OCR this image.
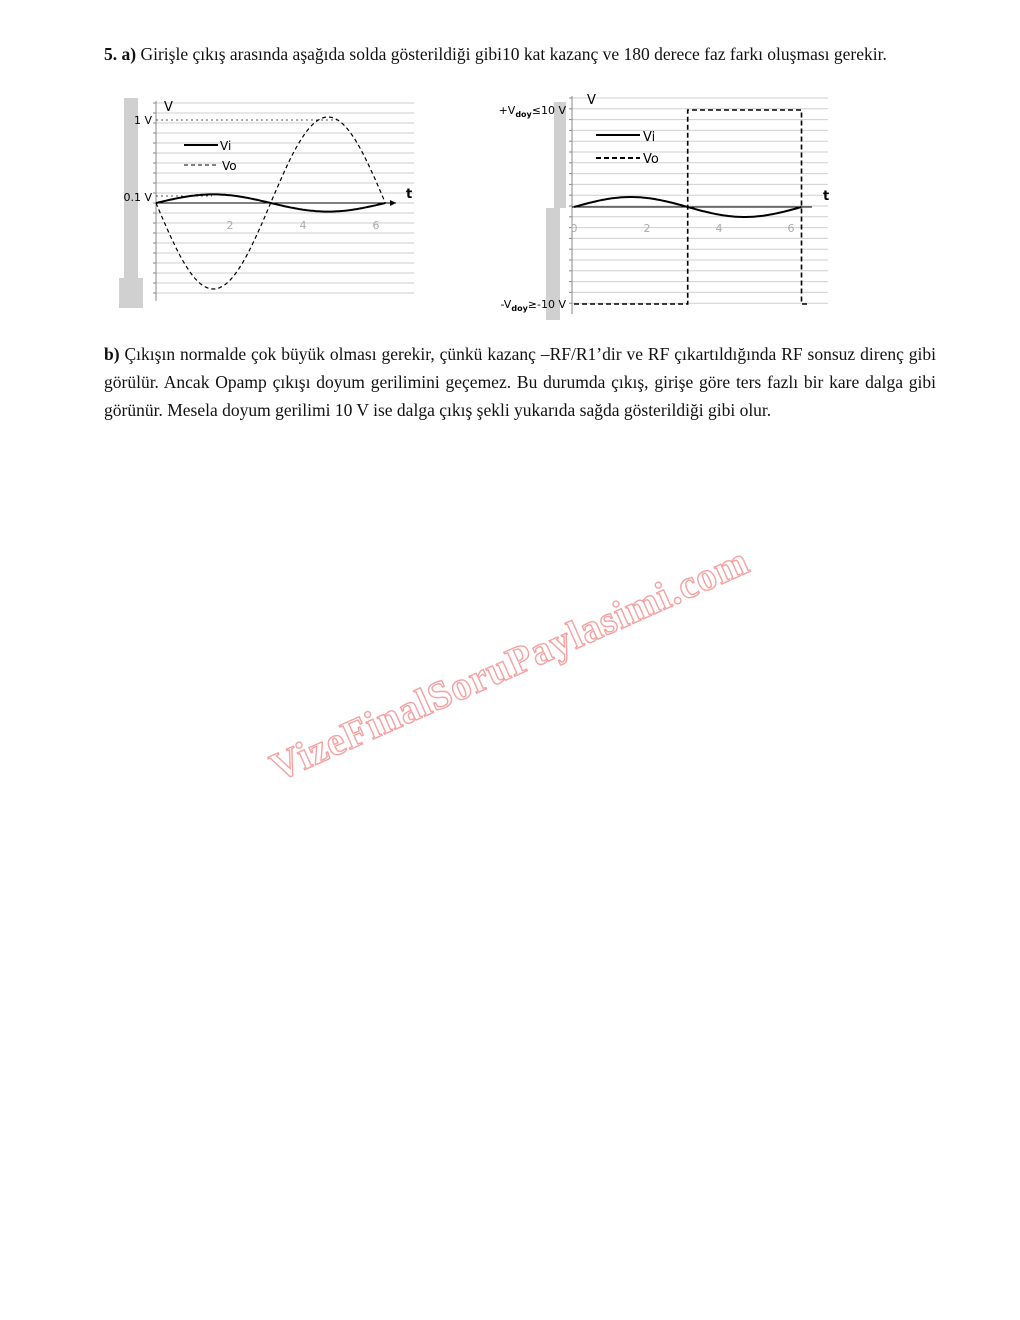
5. a) Girişle çıkış arasında aşağıda solda gösterildiği gibi10 kat kazanç ve 180 derece faz farkı oluşması gerekir.

V
t
1 V
0.1 V
2	4	6
Vi
Vo
V
t
$+V_{doy}\le 10$ V
$-V_{doy}\ge-10$ V
0	2	4	6
Vi
Vo

b) Çıkışın normalde çok büyük olması gerekir, çünkü kazanç –RF/R1’dir ve RF çıkartıldığında RF sonsuz direnç gibi görülür. Ancak Opamp çıkışı doyum gerilimini geçemez. Bu durumda çıkış, girişe göre ters fazlı bir kare dalga gibi görünür. Mesela doyum gerilimi 10 V ise dalga çıkış şekli yukarıda sağda gösterildiği gibi olur.

VizeFinalSoruPaylasimi.com
